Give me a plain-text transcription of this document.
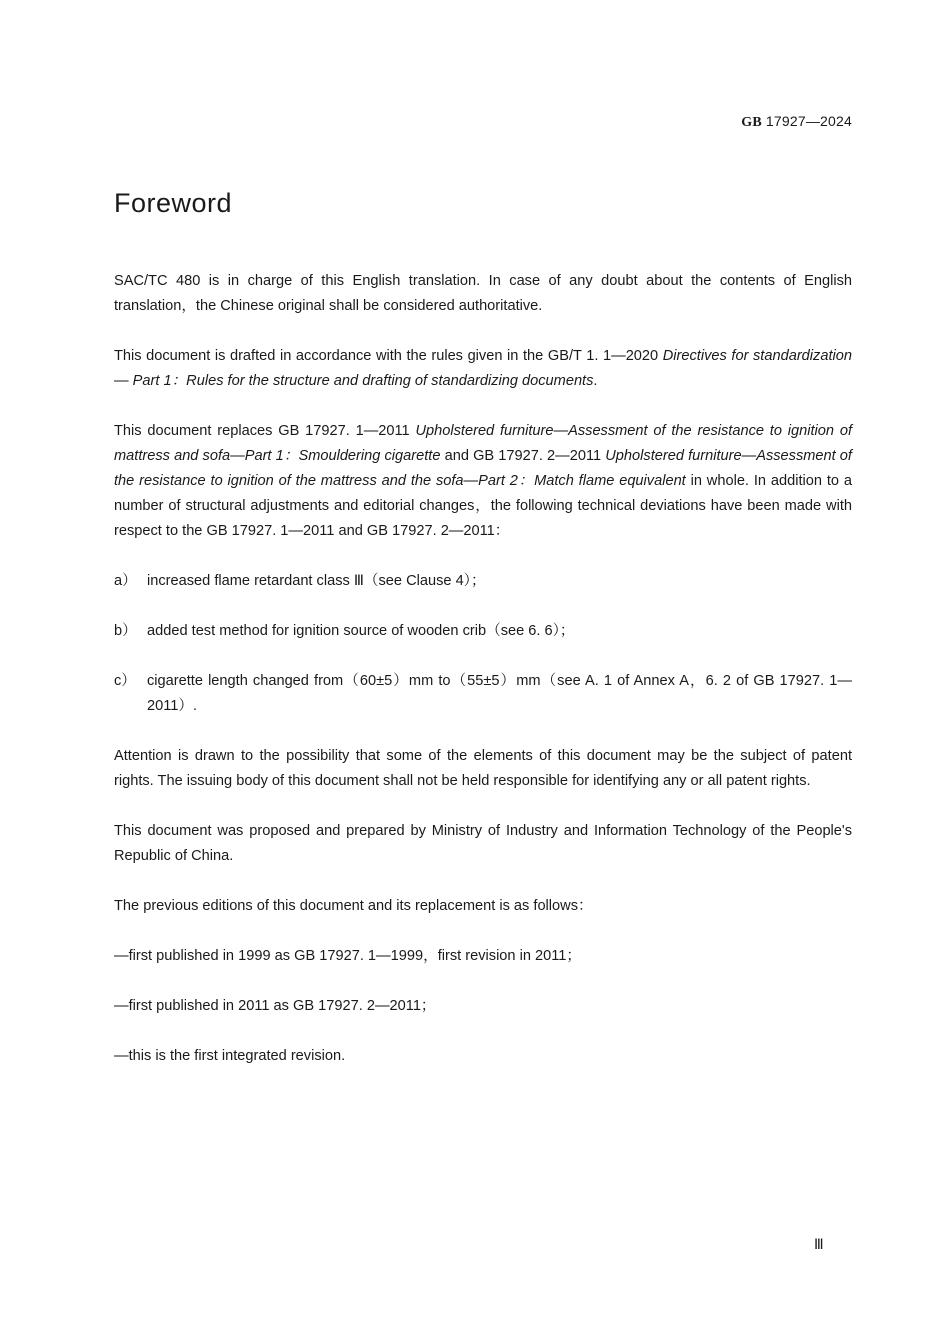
GB 17927—2024
Foreword

SAC/TC 480 is in charge of this English translation. In case of any doubt about the contents of English translation，the Chinese original shall be considered authoritative.

This document is drafted in accordance with the rules given in the GB/T 1. 1—2020 Directives for standardization— Part 1：Rules for the structure and drafting of standardizing documents.

This document replaces GB 17927. 1—2011 Upholstered furniture—Assessment of the resistance to ignition of mattress and sofa—Part 1：Smouldering cigarette and GB 17927. 2—2011 Upholstered furniture—Assessment of the resistance to ignition of the mattress and the sofa—Part 2：Match flame equivalent in whole. In addition to a number of structural adjustments and editorial changes，the following technical deviations have been made with respect to the GB 17927. 1—2011 and GB 17927. 2—2011：

a） increased flame retardant class Ⅲ（see Clause 4）；
b） added test method for ignition source of wooden crib（see 6. 6）；
c） cigarette length changed from（60±5）mm to（55±5）mm（see A. 1 of Annex A，6. 2 of GB 17927. 1—2011）.

Attention is drawn to the possibility that some of the elements of this document may be the subject of patent rights. The issuing body of this document shall not be held responsible for identifying any or all patent rights.

This document was proposed and prepared by Ministry of Industry and Information Technology of the People's Republic of China.

The previous editions of this document and its replacement is as follows：

—first published in 1999 as GB 17927. 1—1999，first revision in 2011；

—first published in 2011 as GB 17927. 2—2011；

—this is the first integrated revision.

Ⅲ
